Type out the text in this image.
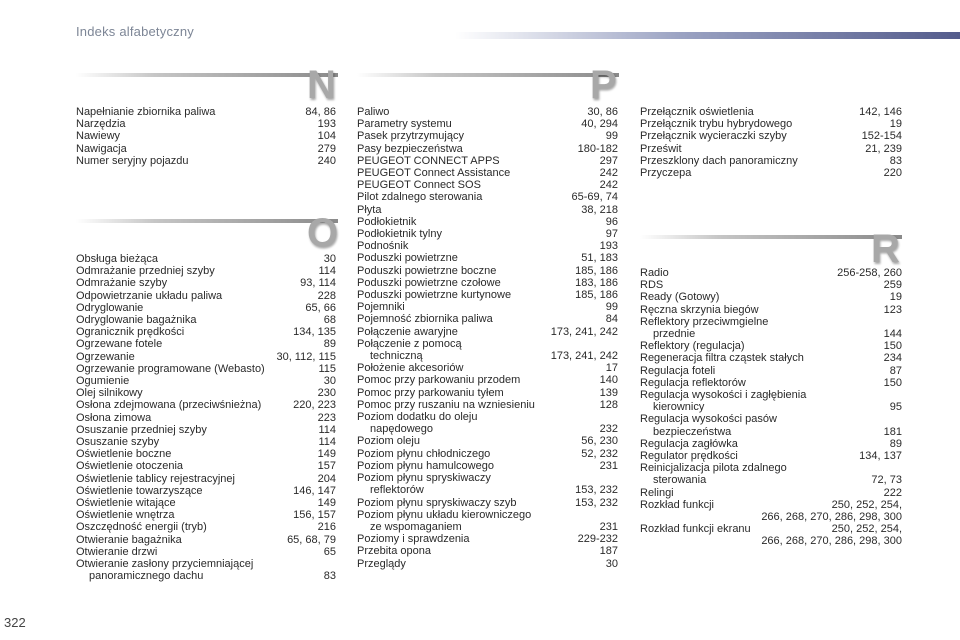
Indeks alfabetyczny
N
Napełnianie zbiornika paliwa	84, 86
Narzędzia	193
Nawiewy	104
Nawigacja	279
Numer seryjny pojazdu	240
O
Obsługa bieżąca	30
Odmrażanie przedniej szyby	114
Odmrażanie szyby	93, 114
Odpowietrzanie układu paliwa	228
Odryglowanie	65, 66
Odryglowanie bagażnika	68
Ogranicznik prędkości	134, 135
Ogrzewane fotele	89
Ogrzewanie	30, 112, 115
Ogrzewanie programowane (Webasto)	115
Ogumienie	30
Olej silnikowy	230
Osłona zdejmowana (przeciwśnieżna)	220, 223
Osłona zimowa	223
Osuszanie przedniej szyby	114
Osuszanie szyby	114
Oświetlenie boczne	149
Oświetlenie otoczenia	157
Oświetlenie tablicy rejestracyjnej	204
Oświetlenie towarzyszące	146, 147
Oświetlenie witające	149
Oświetlenie wnętrza	156, 157
Oszczędność energii (tryb)	216
Otwieranie bagażnika	65, 68, 79
Otwieranie drzwi	65
Otwieranie zasłony przyciemniającej
panoramicznego dachu	83
P
Paliwo	30, 86
Parametry systemu	40, 294
Pasek przytrzymujący	99
Pasy bezpieczeństwa	180-182
PEUGEOT CONNECT APPS	297
PEUGEOT Connect Assistance	242
PEUGEOT Connect SOS	242
Pilot zdalnego sterowania	65-69, 74
Płyta	38, 218
Podłokietnik	96
Podłokietnik tylny	97
Podnośnik	193
Poduszki powietrzne	51, 183
Poduszki powietrzne boczne	185, 186
Poduszki powietrzne czołowe	183, 186
Poduszki powietrzne kurtynowe	185, 186
Pojemniki	99
Pojemność zbiornika paliwa	84
Połączenie awaryjne	173, 241, 242
Połączenie z pomocą
techniczną	173, 241, 242
Położenie akcesoriów	17
Pomoc przy parkowaniu przodem	140
Pomoc przy parkowaniu tyłem	139
Pomoc przy ruszaniu na wzniesieniu	128
Poziom dodatku do oleju
napędowego	232
Poziom oleju	56, 230
Poziom płynu chłodniczego	52, 232
Poziom płynu hamulcowego	231
Poziom płynu spryskiwaczy
reflektorów	153, 232
Poziom płynu spryskiwaczy szyb	153, 232
Poziom płynu układu kierowniczego
ze wspomaganiem	231
Poziomy i sprawdzenia	229-232
Przebita opona	187
Przeglądy	30
Przełącznik oświetlenia	142, 146
Przełącznik trybu hybrydowego	19
Przełącznik wycieraczki szyby	152-154
Prześwit	21, 239
Przeszklony dach panoramiczny	83
Przyczepa	220
R
Radio	256-258, 260
RDS	259
Ready (Gotowy)	19
Ręczna skrzynia biegów	123
Reflektory przeciwmgielne
przednie	144
Reflektory (regulacja)	150
Regeneracja filtra cząstek stałych	234
Regulacja foteli	87
Regulacja reflektorów	150
Regulacja wysokości i zagłębienia
kierownicy	95
Regulacja wysokości pasów
bezpieczeństwa	181
Regulacja zagłówka	89
Regulator prędkości	134, 137
Reinicjalizacja pilota zdalnego
sterowania	72, 73
Relingi	222
Rozkład funkcji	250, 252, 254,
266, 268, 270, 286, 298, 300
Rozkład funkcji ekranu	250, 252, 254,
266, 268, 270, 286, 298, 300
322
